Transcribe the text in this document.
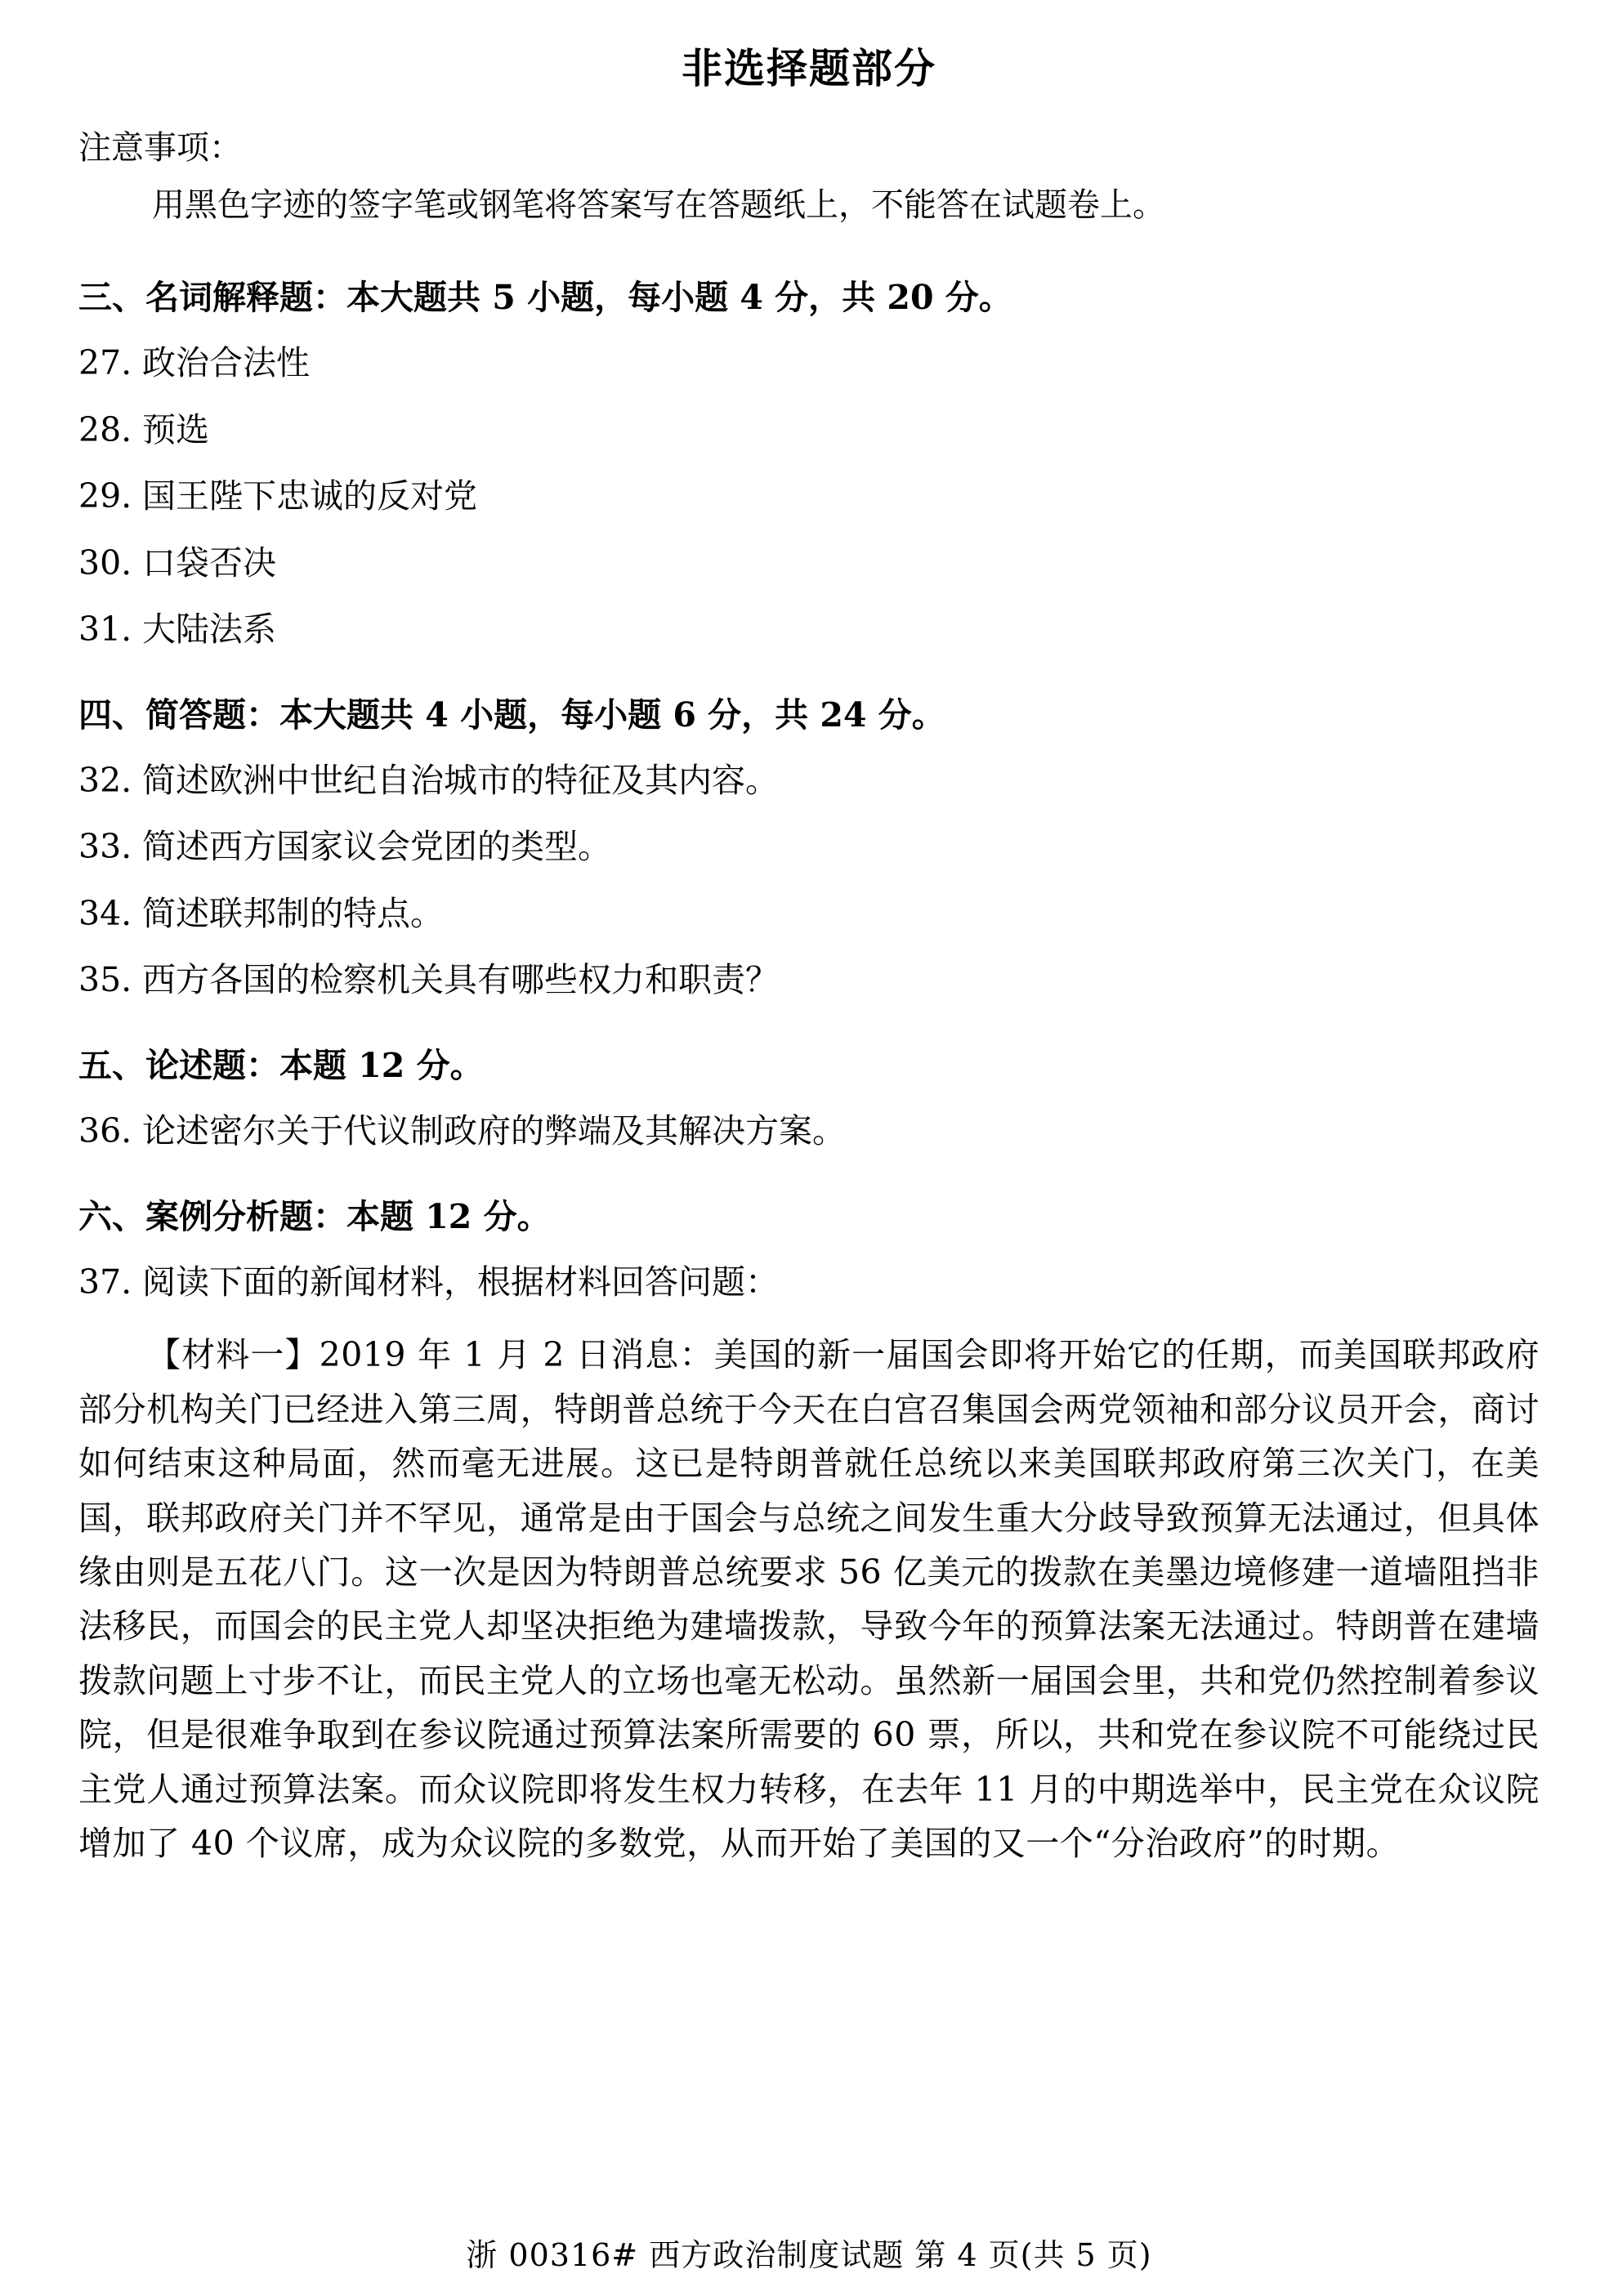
非选择题部分
注意事项：
用黑色字迹的签字笔或钢笔将答案写在答题纸上，不能答在试题卷上。
三、名词解释题：本大题共 5 小题，每小题 4 分，共 20 分。
27. 政治合法性
28. 预选
29. 国王陛下忠诚的反对党
30. 口袋否决
31. 大陆法系
四、简答题：本大题共 4 小题，每小题 6 分，共 24 分。
32. 简述欧洲中世纪自治城市的特征及其内容。
33. 简述西方国家议会党团的类型。
34. 简述联邦制的特点。
35. 西方各国的检察机关具有哪些权力和职责？
五、论述题：本题 12 分。
36. 论述密尔关于代议制政府的弊端及其解决方案。
六、案例分析题：本题 12 分。
37. 阅读下面的新闻材料，根据材料回答问题：
【材料一】2019 年 1 月 2 日消息：美国的新一届国会即将开始它的任期，而美国联邦政府部分机构关门已经进入第三周，特朗普总统于今天在白宫召集国会两党领袖和部分议员开会，商讨如何结束这种局面，然而毫无进展。这已是特朗普就任总统以来美国联邦政府第三次关门，在美国，联邦政府关门并不罕见，通常是由于国会与总统之间发生重大分歧导致预算无法通过，但具体缘由则是五花八门。这一次是因为特朗普总统要求 56 亿美元的拨款在美墨边境修建一道墙阻挡非法移民，而国会的民主党人却坚决拒绝为建墙拨款，导致今年的预算法案无法通过。特朗普在建墙拨款问题上寸步不让，而民主党人的立场也毫无松动。虽然新一届国会里，共和党仍然控制着参议院，但是很难争取到在参议院通过预算法案所需要的 60 票，所以，共和党在参议院不可能绕过民主党人通过预算法案。而众议院即将发生权力转移，在去年 11 月的中期选举中，民主党在众议院增加了 40 个议席，成为众议院的多数党，从而开始了美国的又一个“分治政府”的时期。
浙 00316# 西方政治制度试题 第 4 页(共 5 页)
